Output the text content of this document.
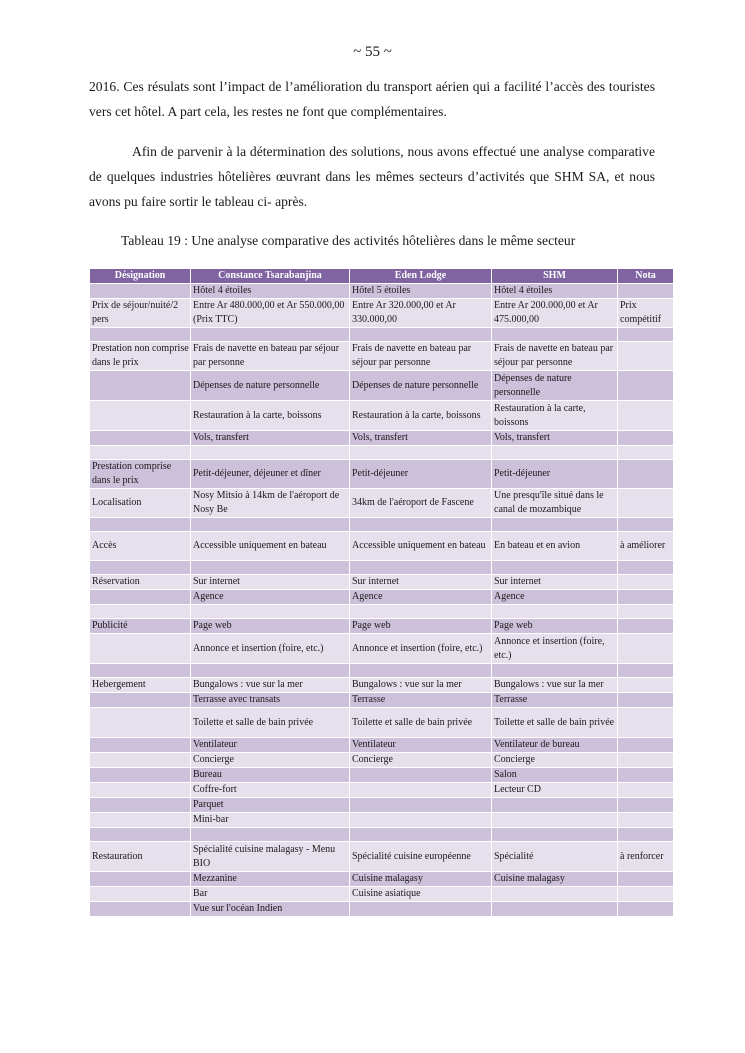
~ 55 ~

2016. Ces résulats sont l’impact de l’amélioration du transport aérien qui a facilité l’accès des touristes vers cet hôtel. A part cela, les restes ne font que complémentaires.

Afin de parvenir à la détermination des solutions, nous avons effectué une analyse comparative de quelques industries hôtelières œuvrant dans les mêmes secteurs d’activités que SHM SA, et nous avons pu faire sortir le tableau ci- après.

Tableau 19 : Une analyse comparative des activités hôtelières dans le même secteur

Désignation	Constance Tsarabanjina	Eden Lodge	SHM	Nota
	Hôtel 4 étoiles	Hôtel 5 étoiles	Hôtel 4 étoiles	
Prix de séjour/nuité/2 pers	Entre Ar 480.000,00 et Ar 550.000,00 (Prix TTC)	Entre Ar 320.000,00 et Ar 330.000,00	Entre Ar 200.000,00 et Ar 475.000,00	Prix compétitif

Prestation non comprise dans le prix	Frais de navette en bateau par séjour par personne	Frais de navette en bateau par séjour par personne	Frais de navette en bateau par séjour par personne	
	Dépenses de nature personnelle	Dépenses de nature personnelle	Dépenses de nature personnelle	
	Restauration à la carte, boissons	Restauration à la carte, boissons	Restauration à la carte, boissons	
	Vols, transfert	Vols, transfert	Vols, transfert	

Prestation comprise dans le prix	Petit-déjeuner, déjeuner et dîner	Petit-déjeuner	Petit-déjeuner	
Localisation	Nosy Mitsio à 14km de l'aéroport de Nosy Be	34km de l'aéroport de Fascene	Une presqu'île situé dans le canal de mozambique	

Accès	Accessible uniquement en bateau	Accessible uniquement en bateau	En bateau et en avion	à améliorer

Réservation	Sur internet	Sur internet	Sur internet	
	Agence	Agence	Agence	

Publicité	Page web	Page web	Page web	
	Annonce et insertion (foire, etc.)	Annonce et insertion (foire, etc.)	Annonce et insertion (foire, etc.)	

Hebergement	Bungalows : vue sur la mer	Bungalows : vue sur la mer	Bungalows : vue sur la mer	
	Terrasse avec transats	Terrasse	Terrasse	
	Toilette et salle de bain privée	Toilette et salle de bain privée	Toilette et salle de bain privée	
	Ventilateur	Ventilateur	Ventilateur de bureau	
	Concierge	Concierge	Concierge	
	Bureau		Salon	
	Coffre-fort		Lecteur CD	
	Parquet			
	Mini-bar			

Restauration	Spécialité cuisine malagasy - Menu BIO	Spécialité cuisine européenne	Spécialité	à renforcer
	Mezzanine	Cuisine malagasy	Cuisine malagasy	
	Bar	Cuisine asiatique		
	Vue sur l'océan Indien			
